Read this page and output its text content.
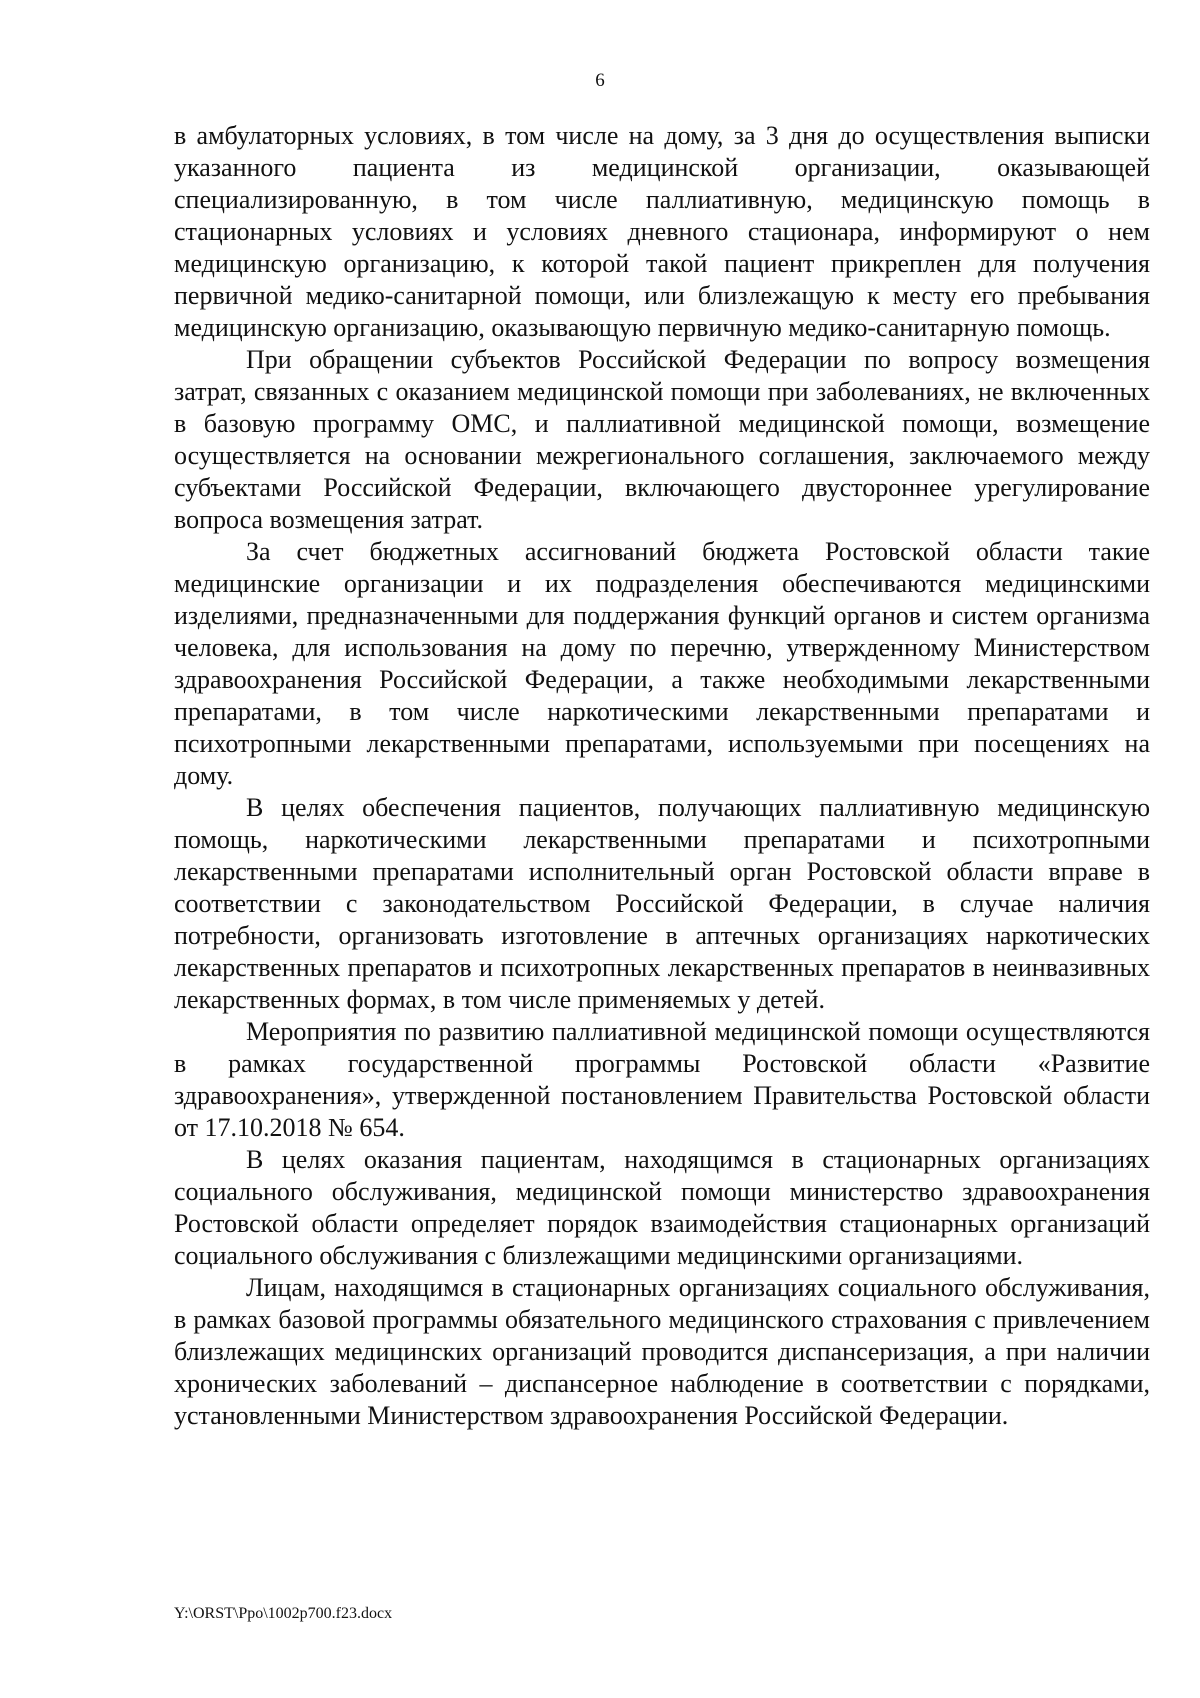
6

в амбулаторных условиях, в том числе на дому, за 3 дня до осуществления выписки указанного пациента из медицинской организации, оказывающей специализированную, в том числе паллиативную, медицинскую помощь в стационарных условиях и условиях дневного стационара, информируют о нем медицинскую организацию, к которой такой пациент прикреплен для получения первичной медико-санитарной помощи, или близлежащую к месту его пребывания медицинскую организацию, оказывающую первичную медико-санитарную помощь.

При обращении субъектов Российской Федерации по вопросу возмещения затрат, связанных с оказанием медицинской помощи при заболеваниях, не включенных в базовую программу ОМС, и паллиативной медицинской помощи, возмещение осуществляется на основании межрегионального соглашения, заключаемого между субъектами Российской Федерации, включающего двустороннее урегулирование вопроса возмещения затрат.

За счет бюджетных ассигнований бюджета Ростовской области такие медицинские организации и их подразделения обеспечиваются медицинскими изделиями, предназначенными для поддержания функций органов и систем организма человека, для использования на дому по перечню, утвержденному Министерством здравоохранения Российской Федерации, а также необходимыми лекарственными препаратами, в том числе наркотическими лекарственными препаратами и психотропными лекарственными препаратами, используемыми при посещениях на дому.

В целях обеспечения пациентов, получающих паллиативную медицинскую помощь, наркотическими лекарственными препаратами и психотропными лекарственными препаратами исполнительный орган Ростовской области вправе в соответствии с законодательством Российской Федерации, в случае наличия потребности, организовать изготовление в аптечных организациях наркотических лекарственных препаратов и психотропных лекарственных препаратов в неинвазивных лекарственных формах, в том числе применяемых у детей.

Мероприятия по развитию паллиативной медицинской помощи осуществляются в рамках государственной программы Ростовской области «Развитие здравоохранения», утвержденной постановлением Правительства Ростовской области от 17.10.2018 № 654.

В целях оказания пациентам, находящимся в стационарных организациях социального обслуживания, медицинской помощи министерство здравоохранения Ростовской области определяет порядок взаимодействия стационарных организаций социального обслуживания с близлежащими медицинскими организациями.

Лицам, находящимся в стационарных организациях социального обслуживания, в рамках базовой программы обязательного медицинского страхования с привлечением близлежащих медицинских организаций проводится диспансеризация, а при наличии хронических заболеваний – диспансерное наблюдение в соответствии с порядками, установленными Министерством здравоохранения Российской Федерации.

Y:\ORST\Ppo\1002p700.f23.docx
